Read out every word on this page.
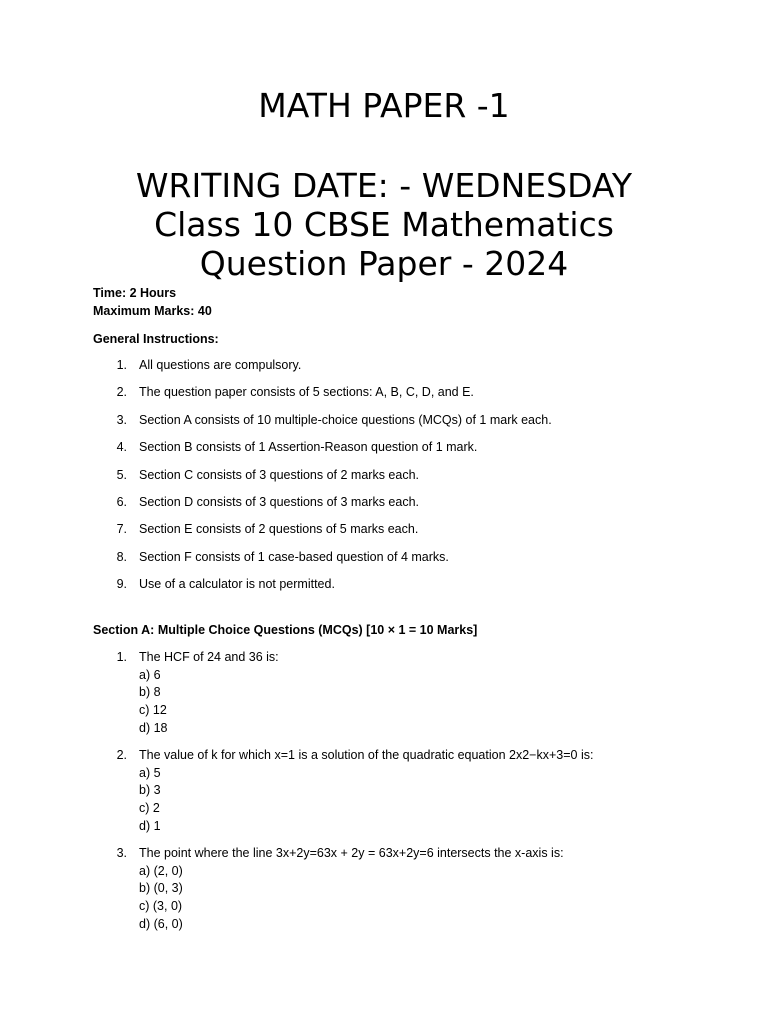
MATH PAPER -1
WRITING DATE: - WEDNESDAY
Class 10 CBSE Mathematics
Question Paper - 2024
Time: 2 Hours
Maximum Marks: 40
General Instructions:
1. All questions are compulsory.
2. The question paper consists of 5 sections: A, B, C, D, and E.
3. Section A consists of 10 multiple-choice questions (MCQs) of 1 mark each.
4. Section B consists of 1 Assertion-Reason question of 1 mark.
5. Section C consists of 3 questions of 2 marks each.
6. Section D consists of 3 questions of 3 marks each.
7. Section E consists of 2 questions of 5 marks each.
8. Section F consists of 1 case-based question of 4 marks.
9. Use of a calculator is not permitted.
Section A: Multiple Choice Questions (MCQs) [10 × 1 = 10 Marks]
1. The HCF of 24 and 36 is:
a) 6
b) 8
c) 12
d) 18
2. The value of k for which x=1 is a solution of the quadratic equation 2x2−kx+3=0 is:
a) 5
b) 3
c) 2
d) 1
3. The point where the line 3x+2y=63x + 2y = 63x+2y=6 intersects the x-axis is:
a) (2, 0)
b) (0, 3)
c) (3, 0)
d) (6, 0)
